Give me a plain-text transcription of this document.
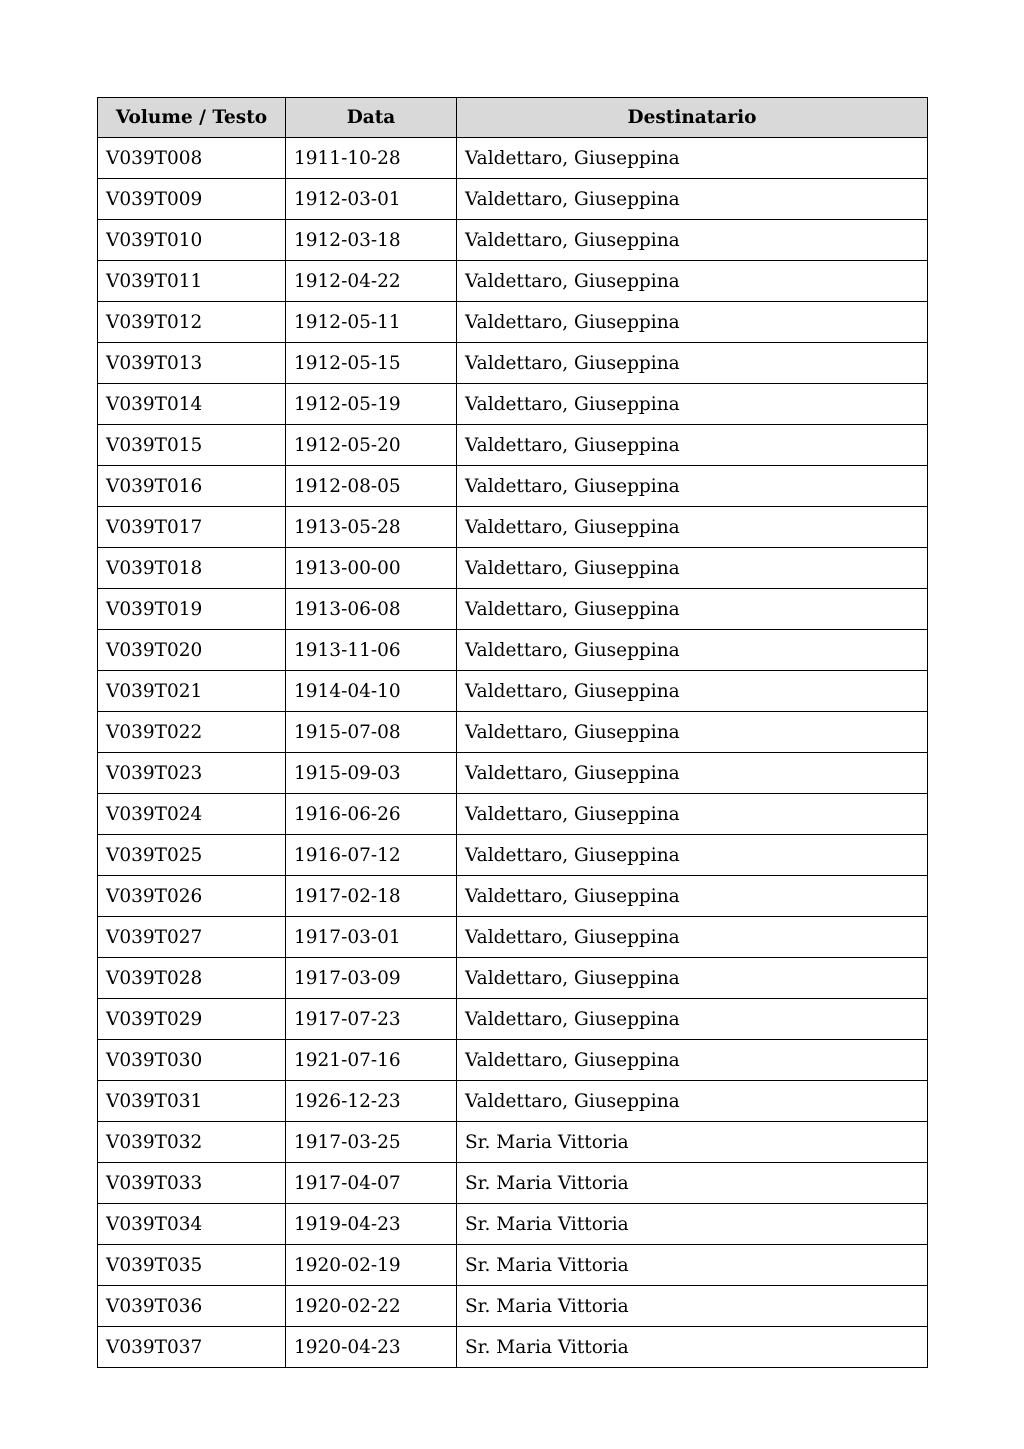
Volume / Testo	Data	Destinatario
V039T008	1911-10-28	Valdettaro, Giuseppina
V039T009	1912-03-01	Valdettaro, Giuseppina
V039T010	1912-03-18	Valdettaro, Giuseppina
V039T011	1912-04-22	Valdettaro, Giuseppina
V039T012	1912-05-11	Valdettaro, Giuseppina
V039T013	1912-05-15	Valdettaro, Giuseppina
V039T014	1912-05-19	Valdettaro, Giuseppina
V039T015	1912-05-20	Valdettaro, Giuseppina
V039T016	1912-08-05	Valdettaro, Giuseppina
V039T017	1913-05-28	Valdettaro, Giuseppina
V039T018	1913-00-00	Valdettaro, Giuseppina
V039T019	1913-06-08	Valdettaro, Giuseppina
V039T020	1913-11-06	Valdettaro, Giuseppina
V039T021	1914-04-10	Valdettaro, Giuseppina
V039T022	1915-07-08	Valdettaro, Giuseppina
V039T023	1915-09-03	Valdettaro, Giuseppina
V039T024	1916-06-26	Valdettaro, Giuseppina
V039T025	1916-07-12	Valdettaro, Giuseppina
V039T026	1917-02-18	Valdettaro, Giuseppina
V039T027	1917-03-01	Valdettaro, Giuseppina
V039T028	1917-03-09	Valdettaro, Giuseppina
V039T029	1917-07-23	Valdettaro, Giuseppina
V039T030	1921-07-16	Valdettaro, Giuseppina
V039T031	1926-12-23	Valdettaro, Giuseppina
V039T032	1917-03-25	Sr. Maria Vittoria
V039T033	1917-04-07	Sr. Maria Vittoria
V039T034	1919-04-23	Sr. Maria Vittoria
V039T035	1920-02-19	Sr. Maria Vittoria
V039T036	1920-02-22	Sr. Maria Vittoria
V039T037	1920-04-23	Sr. Maria Vittoria
